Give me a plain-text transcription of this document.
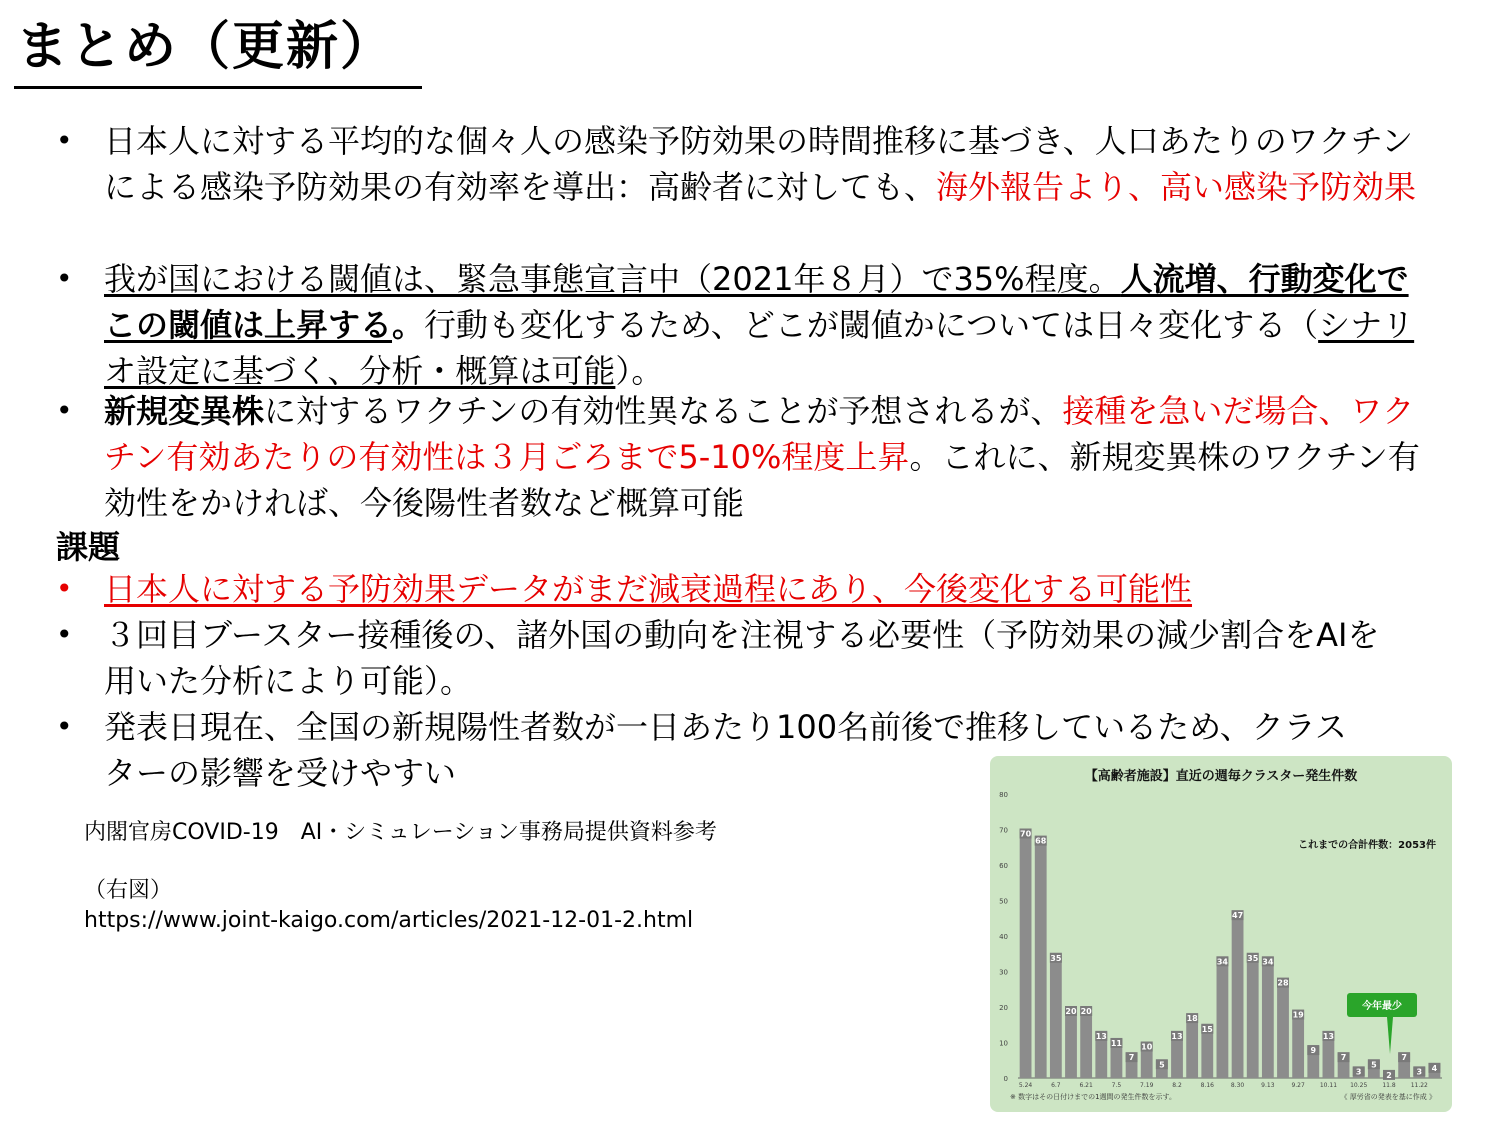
まとめ（更新）
• 日本人に対する平均的な個々人の感染予防効果の時間推移に基づき、人口あたりのワクチンによる感染予防効果の有効率を導出：高齢者に対しても、海外報告より、高い感染予防効果
• 我が国における閾値は、緊急事態宣言中（2021年８月）で35%程度。人流増、行動変化でこの閾値は上昇する。行動も変化するため、どこが閾値かについては日々変化する（シナリオ設定に基づく、分析・概算は可能）。
• 新規変異株に対するワクチンの有効性異なることが予想されるが、接種を急いだ場合、ワクチン有効あたりの有効性は３月ごろまで5-10%程度上昇。これに、新規変異株のワクチン有効性をかければ、今後陽性者数など概算可能
課題
• 日本人に対する予防効果データがまだ減衰過程にあり、今後変化する可能性
• ３回目ブースター接種後の、諸外国の動向を注視する必要性（予防効果の減少割合をAIを用いた分析により可能）。
• 発表日現在、全国の新規陽性者数が一日あたり100名前後で推移しているため、クラスターの影響を受けやすい
内閣官房COVID-19　AI・シミュレーション事務局提供資料参考
（右図）
https://www.joint-kaigo.com/articles/2021-12-01-2.html
【高齢者施設】直近の週毎クラスター発生件数
これまでの合計件数：2053件
0
10
20
30
40
50
60
70
80
70
68
35
20 20
13
11
7
10
5
13
18
15
34
47
35 34
28
19
9
13
7
3
5
2
7
3 4
5.24	6.7	6.21	7.5	7.19	8.2	8.16	8.30	9.13	9.27	10.11 10.25	11.8	11.22
今年最少
※ 数字はその日付けまでの1週間の発生件数を示す。	《 厚労省の発表を基に作成 》
